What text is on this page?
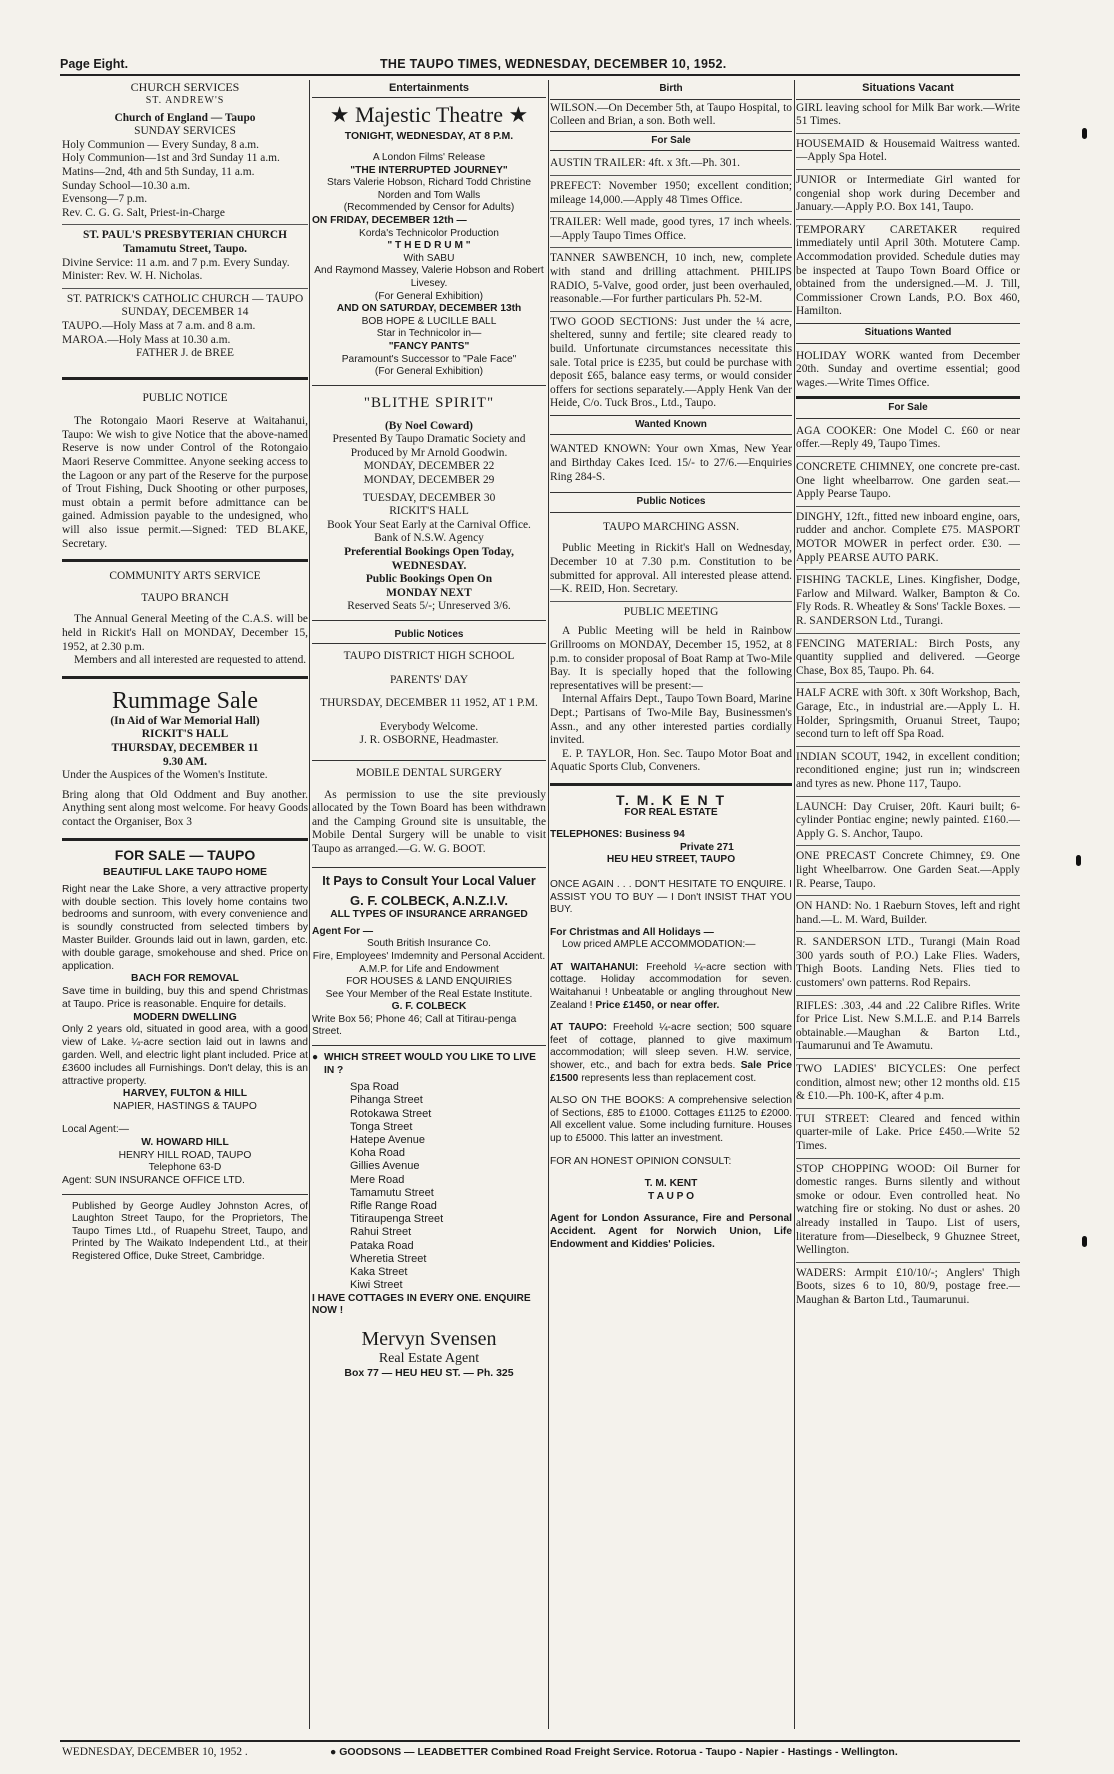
Page Eight.	THE TAUPO TIMES, WEDNESDAY, DECEMBER 10, 1952.
CHURCH SERVICES
ST. ANDREW'S
Church of England — Taupo
SUNDAY SERVICES
Holy Communion — Every Sunday, 8 a.m.
Holy Communion—1st and 3rd Sunday 11 a.m.
Matins—2nd, 4th and 5th Sunday, 11 a.m.
Sunday School—10.30 a.m.
Evensong—7 p.m.
Rev. C. G. G. Salt, Priest-in-Charge
ST. PAUL'S PRESBYTERIAN CHURCH
Tamamutu Street, Taupo.
Divine Service: 11 a.m. and 7 p.m. Every Sunday.
Minister: Rev. W. H. Nicholas.
ST. PATRICK'S CATHOLIC CHURCH — TAUPO
SUNDAY, DECEMBER 14
TAUPO.—Holy Mass at 7 a.m. and 8 a.m.
MAROA.—Holy Mass at 10.30 a.m.
FATHER J. de BREE
PUBLIC NOTICE

The Rotongaio Maori Reserve at Waitahanui, Taupo: We wish to give Notice that the above-named Reserve is now under Control of the Rotongaio Maori Reserve Committee. Anyone seeking access to the Lagoon or any part of the Reserve for the purpose of Trout Fishing, Duck Shooting or other purposes, must obtain a permit before admittance can be gained. Admission payable to the undesigned, who will also issue permit.—Signed: TED BLAKE, Secretary.

COMMUNITY ARTS SERVICE
TAUPO BRANCH

The Annual General Meeting of the C.A.S. will be held in Rickit's Hall on MONDAY, December 15, 1952, at 2.30 p.m.

Members and all interested are requested to attend.

Rummage Sale
(In Aid of War Memorial Hall)
RICKIT'S HALL
THURSDAY, DECEMBER 11
9.30 AM.

Under the Auspices of the Women's Institute.

Bring along that Old Oddment and Buy another. Anything sent along most welcome. For heavy Goods contact the Organiser, Box 3

FOR SALE — TAUPO
BEAUTIFUL LAKE TAUPO HOME

Right near the Lake Shore, a very attractive property with double section. This lovely home contains two bedrooms and sunroom, with every convenience and is soundly constructed from selected timbers by Master Builder. Grounds laid out in lawn, garden, etc. with double garage, smokehouse and shed. Price on application.

BACH FOR REMOVAL

Save time in building, buy this and spend Christmas at Taupo. Price is reasonable. Enquire for details.

MODERN DWELLING

Only 2 years old, situated in good area, with a good view of Lake. ¼-acre section laid out in lawns and garden. Well, and electric light plant included. Price at £3600 includes all Furnishings. Don't delay, this is an attractive property.

HARVEY, FULTON & HILL
NAPIER, HASTINGS & TAUPO
Local Agent:—
W. HOWARD HILL
HENRY HILL ROAD, TAUPO
Telephone 63-D
Agent: SUN INSURANCE OFFICE LTD.

Published by George Audley Johnston Acres, of Laughton Street Taupo, for the Proprietors, The Taupo Times Ltd., of Ruapehu Street, Taupo, and Printed by The Waikato Independent Ltd., at their Registered Office, Duke Street, Cambridge.

Entertainments
★ Majestic Theatre ★
TONIGHT, WEDNESDAY, AT 8 P.M.
A London Films' Release
"THE INTERRUPTED JOURNEY"
Stars Valerie Hobson, Richard Todd Christine Norden and Tom Walls
(Recommended by Censor for Adults)
ON FRIDAY, DECEMBER 12th —
Korda's Technicolor Production
" T H E D R U M "
With SABU
And Raymond Massey, Valerie Hobson and Robert Livesey.
(For General Exhibition)
AND ON SATURDAY, DECEMBER 13th
BOB HOPE & LUCILLE BALL
Star in Technicolor in—
"FANCY PANTS"
Paramount's Successor to "Pale Face"
(For General Exhibition)
"BLITHE SPIRIT"
(By Noel Coward)
Presented By Taupo Dramatic Society and Produced by Mr Arnold Goodwin.
MONDAY, DECEMBER 22
MONDAY, DECEMBER 29
TUESDAY, DECEMBER 30
RICKIT'S HALL
Book Your Seat Early at the Carnival Office.
Bank of N.S.W. Agency
Preferential Bookings Open Today, WEDNESDAY.
Public Bookings Open On
MONDAY NEXT
Reserved Seats 5/-; Unreserved 3/6.
Public Notices
TAUPO DISTRICT HIGH SCHOOL
PARENTS' DAY
THURSDAY, DECEMBER 11 1952, AT 1 P.M.
Everybody Welcome.
J. R. OSBORNE, Headmaster.
MOBILE DENTAL SURGERY

As permission to use the site previously allocated by the Town Board has been withdrawn and the Camping Ground site is unsuitable, the Mobile Dental Surgery will be unable to visit Taupo as arranged.—G. W. G. BOOT.

It Pays to Consult Your Local Valuer
G. F. COLBECK, A.N.Z.I.V.
ALL TYPES OF INSURANCE ARRANGED
Agent For —
South British Insurance Co.
Fire, Employees' Imdemnity and Personal Accident.
A.M.P. for Life and Endowment
FOR HOUSES & LAND ENQUIRIES
See Your Member of the Real Estate Institute.
G. F. COLBECK
Write Box 56; Phone 46; Call at Titirau-penga Street.
● WHICH STREET WOULD YOU LIKE TO LIVE IN ?
Spa Road
Pihanga Street
Rotokawa Street
Tonga Street
Hatepe Avenue
Koha Road
Gillies Avenue
Mere Road
Tamamutu Street
Rifle Range Road
Titiraupenga Street
Rahui Street
Pataka Road
Wheretia Street
Kaka Street
Kiwi Street
I HAVE COTTAGES IN EVERY ONE. ENQUIRE NOW !
Mervyn Svensen
Real Estate Agent
Box 77 — HEU HEU ST. — Ph. 325
Birth

WILSON.—On December 5th, at Taupo Hospital, to Colleen and Brian, a son. Both well.

For Sale

AUSTIN TRAILER: 4ft. x 3ft.—Ph. 301.

PREFECT: November 1950; excellent condition; mileage 14,000.—Apply 48 Times Office.

TRAILER: Well made, good tyres, 17 inch wheels.—Apply Taupo Times Office.

TANNER SAWBENCH, 10 inch, new, complete with stand and drilling attachment. PHILIPS RADIO, 5-Valve, good order, just been overhauled, reasonable.—For further particulars Ph. 52-M.

TWO GOOD SECTIONS: Just under the ¼ acre, sheltered, sunny and fertile; site cleared ready to build. Unfortunate circumstances necessitate this sale. Total price is £235, but could be purchase with deposit £65, balance easy terms, or would consider offers for sections separately.—Apply Henk Van der Heide, C/o. Tuck Bros., Ltd., Taupo.

Wanted Known

WANTED KNOWN: Your own Xmas, New Year and Birthday Cakes Iced. 15/- to 27/6.—Enquiries Ring 284-S.

Public Notices
TAUPO MARCHING ASSN.

Public Meeting in Rickit's Hall on Wednesday, December 10 at 7.30 p.m. Constitution to be submitted for approval. All interested please attend. —K. REID, Hon. Secretary.

PUBLIC MEETING

A Public Meeting will be held in Rainbow Grillrooms on MONDAY, December 15, 1952, at 8 p.m. to consider proposal of Boat Ramp at Two-Mile Bay. It is specially hoped that the following representatives will be present:—

Internal Affairs Dept., Taupo Town Board, Marine Dept.; Partisans of Two-Mile Bay, Businessmen's Assn., and any other interested parties cordially invited.

E. P. TAYLOR, Hon. Sec. Taupo Motor Boat and Aquatic Sports Club, Conveners.

T. M. K E N T
FOR REAL ESTATE
TELEPHONES: Business 94
Private 271
HEU HEU STREET, TAUPO

ONCE AGAIN . . . DON'T HESITATE TO ENQUIRE. I ASSIST YOU TO BUY — I Don't INSIST THAT YOU BUY.

For Christmas and All Holidays —

Low priced AMPLE ACCOMMODATION:—

AT WAITAHANUI: Freehold ¼-acre section with cottage. Holiday accommodation for seven. Waitahanui ! Unbeatable or angling throughout New Zealand ! Price £1450, or near offer.

AT TAUPO: Freehold ¼-acre section; 500 square feet of cottage, planned to give maximum accommodation; will sleep seven. H.W. service, shower, etc., and bach for extra beds. Sale Price £1500 represents less than replacement cost.

ALSO ON THE BOOKS: A comprehensive selection of Sections, £85 to £1000. Cottages £1125 to £2000. All excellent value. Some including furniture. Houses up to £5000. This latter an investment.

FOR AN HONEST OPINION CONSULT:

T. M. KENT
T A U P O

Agent for London Assurance, Fire and Personal Accident. Agent for Norwich Union, Life Endowment and Kiddies' Policies.

Situations Vacant

GIRL leaving school for Milk Bar work.—Write 51 Times.

HOUSEMAID & Housemaid Waitress wanted.—Apply Spa Hotel.

JUNIOR or Intermediate Girl wanted for congenial shop work during December and January.—Apply P.O. Box 141, Taupo.

TEMPORARY CARETAKER required immediately until April 30th. Motutere Camp. Accommodation provided. Schedule duties may be inspected at Taupo Town Board Office or obtained from the undersigned.—M. J. Till, Commissioner Crown Lands, P.O. Box 460, Hamilton.

Situations Wanted

HOLIDAY WORK wanted from December 20th. Sunday and overtime essential; good wages.—Write Times Office.

For Sale

AGA COOKER: One Model C. £60 or near offer.—Reply 49, Taupo Times.

CONCRETE CHIMNEY, one concrete pre-cast. One light wheelbarrow. One garden seat.—Apply Pearse Taupo.

DINGHY, 12ft., fitted new inboard engine, oars, rudder and anchor. Complete £75. MASPORT MOTOR MOWER in perfect order. £30. —Apply PEARSE AUTO PARK.

FISHING TACKLE, Lines. Kingfisher, Dodge, Farlow and Milward. Walker, Bampton & Co. Fly Rods. R. Wheatley & Sons' Tackle Boxes. —R. SANDERSON Ltd., Turangi.

FENCING MATERIAL: Birch Posts, any quantity supplied and delivered. —George Chase, Box 85, Taupo. Ph. 64.

HALF ACRE with 30ft. x 30ft Workshop, Bach, Garage, Etc., in industrial are.—Apply L. H. Holder, Springsmith, Oruanui Street, Taupo; second turn to left off Spa Road.

INDIAN SCOUT, 1942, in excellent condition; reconditioned engine; just run in; windscreen and tyres as new. Phone 117, Taupo.

LAUNCH: Day Cruiser, 20ft. Kauri built; 6-cylinder Pontiac engine; newly painted. £160.—Apply G. S. Anchor, Taupo.

ONE PRECAST Concrete Chimney, £9. One light Wheelbarrow. One Garden Seat.—Apply R. Pearse, Taupo.

ON HAND: No. 1 Raeburn Stoves, left and right hand.—L. M. Ward, Builder.

R. SANDERSON LTD., Turangi (Main Road 300 yards south of P.O.) Lake Flies. Waders, Thigh Boots. Landing Nets. Flies tied to customers' own patterns. Rod Repairs.

RIFLES: .303, .44 and .22 Calibre Rifles. Write for Price List. New S.M.L.E. and P.14 Barrels obtainable.—Maughan & Barton Ltd., Taumarunui and Te Awamutu.

TWO LADIES' BICYCLES: One perfect condition, almost new; other 12 months old. £15 & £10.—Ph. 100-K, after 4 p.m.

TUI STREET: Cleared and fenced within quarter-mile of Lake. Price £450.—Write 52 Times.

STOP CHOPPING WOOD: Oil Burner for domestic ranges. Burns silently and without smoke or odour. Even controlled heat. No watching fire or stoking. No dust or ashes. 20 already installed in Taupo. List of users, literature from—Dieselbeck, 9 Ghuznee Street, Wellington.

WADERS: Armpit £10/10/-; Anglers' Thigh Boots, sizes 6 to 10, 80/9, postage free.—Maughan & Barton Ltd., Taumarunui.

WEDNESDAY, DECEMBER 10, 1952 .	● GOODSONS — LEADBETTER Combined Road Freight Service. Rotorua - Taupo - Napier - Hastings - Wellington.
